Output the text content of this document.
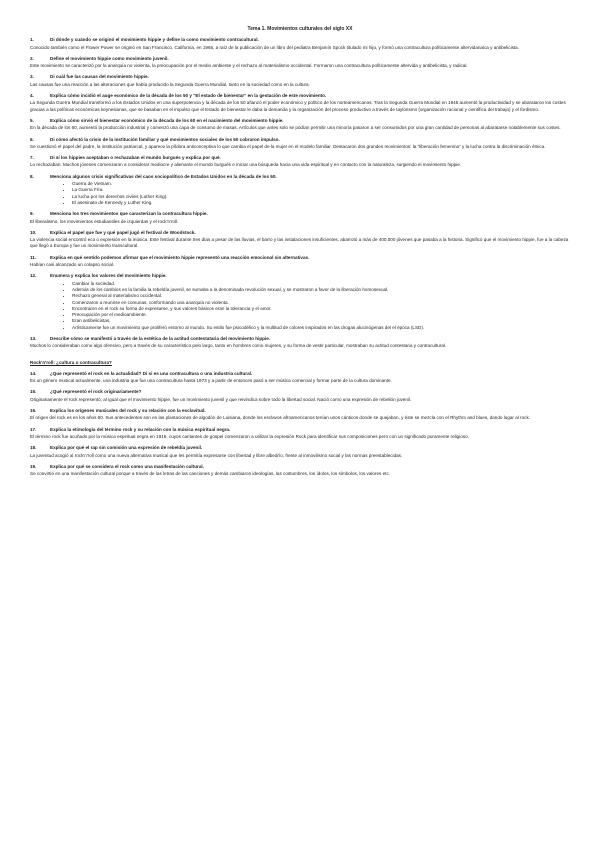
Tema 1. Movimientos culturales del siglo XX
1.	Di dónde y cuándo se originó el movimiento hippie y define la como movimiento contracultural.
Conocido también como el Flower Power se originó en San Francisco, California, en 1965, a raíz de la publicación de un libro del pediatra Benjamín Spock titulado mi hijo, y formó una contracultura políticamente altervidanaica y antibelicista.
2.	Define el movimiento hippie como movimiento juvenil.
Este movimiento se caracterizó por la anarquía no violenta, la preocupación por el medio ambiente y el rechazo al materialismo occidental. Formaron una contracultura políticamente altervida y antibelicista, y radical.
3.	Di cuál fue las causas del movimiento hippie.
Las causas fue una reacción a las alteraciones que había producido la Segunda Guerra Mundial, tanto en la sociedad como en la cultura.
4.	Explica cómo incidió el auge económico de la década de los 50 y "El estado de bienestar" en la gestación de este movimiento.
La Segunda Guerra Mundial transformó a los Estados Unidos en una superpotencia y la década de los 50 afianzó el poder económico y político de los norteamericanos. Tras la Segunda Guerra Mundial en 1945 aumentó la productividad y se abarataron los costes gracias a las políticas económicas keynesianas, que se basaban en el impulso que el Estado de bienestar le daba la demanda y la organización del proceso productivo a través de taylorismo (organización racional y científica del trabajo) y el fordismo.
5.	Explica cómo sirvió el bienestar económico de la década de los 60 en el nacimiento del movimiento hippie.
En la década de los 60, aumentó la producción industrial y comenzó una capa de consumo de masas. Artículos que antes solo se podían permitir una minoría pasaron a ser consumidos por una gran cantidad de personas al abaratarse notablemente sus costes.
6.	Di cómo afectó la crisis de la institución familiar y qué movimientos sociales de los 60 cobraron impulso.
Se cuestionó el papel del padre, la institución patriarcal, y aparece la píldora anticonceptiva lo que cambia el papel de la mujer en el modelo familiar. Destacaron dos grandes movimientos: la "liberación femenina" y la lucha contra la discriminación étnica.
7.	Di si los hippies aceptaban o rechazaban el mundo burgués y explica por qué.
Lo rechazaban. Muchos jóvenes comenzaron a considerar mediocre y alienante el mundo burgués e iniciar una búsqueda hacia una vida espiritual y en contacto con la naturaleza, surgiendo el movimiento hippie.
8.	Menciona algunos crisis significativas del caos sociopolítico de Estados Unidos en la década de los 60.
• Guerra de Vietnam.
• La Guerra Fría.
• La lucha por los derechos civiles (Luther King).
• El asesinato de Kennedy y Luther King.
9.	Menciona los tres movimientos que caracterizan la contracultura hippie.
El liberalismo, los movimientos estudiantiles de izquierdas y el rock'n'roll.
10.	Explica el papel que fue y qué papel jugó el festival de Woodstock.
La violencia social encontró eco o expresión en la música. Este festival durante tres días a pesar de las lluvias, el barro y las instalaciones insuficientes, abarrotó a más de 400.000 jóvenes que pasaba a la historia. Significó que el movimiento hippie, fue a la cabeza que llegó a Europa y fue un movimiento transcultural.
11.	Explica en qué sentido podemos afirmar que el movimiento hippie representó una reacción emocional sin alternativas.
Habían casi alcanzado un colapso social.
12.	Enumera y explica los valores del movimiento hippie.
• Cambiar la sociedad.
• Además de los cambios en la familia la rebeldía juvenil, se sumaba a la denominada revolución sexual, y se mostraron a favor de la liberación homosexual.
• Rechazo general al materialismo occidental.
• Comenzaron a reunirse en comunas, conformando una anarquía no violenta.
• Encontraron en el rock su forma de expresarse, y sus valores básicos eran la tolerancia y el amor.
• Preocupación por el medioambiente.
• Eran antibelicistas.
• Artísticamente fue un movimiento que proliferó entorno al mundo. Su estilo fue psicodélico y la multitud de colores inspirados en las drogas alucinógenas del el época (LSD).
13.	Describe cómo se manifestó a través de la estética de la actitud contestataria del movimiento hippie.
Muchos lo consideraban como algo ofensivo, pero a través de su característico pelo largo, tanto en hombres como mujeres, y su forma de vestir particular, mostraban su actitud contestaria y contracultural.
Rock'n'roll: ¿cultura o contracultura?
14.	¿Que representó el rock en la actualidad? Di si es una contracultura o una industria cultural.
Es un género musical actualmente, una industria que fue una contracultura hasta 1973 y a partir de entonces pasó a ser música comercial y formar parte de la cultura dominante.
15.	¿Qué representó el rock originariamente?
Originariamente el rock representó, al igual que el movimiento hippie, fue un movimiento juvenil y que reivindica sobre todo la libertad social. Nació como una expresión de rebelión juvenil.
16.	Explica los orígenes musicales del rock y su relación con la esclavitud.
El origen del rock es en los años 60. Sus antecedentes son en las plantaciones de algodón de Luisiana, donde los esclavos afroamericanos tenían unos cánticos donde se quejaban, y éste se mezcla con el Rhythm and blues, dando lugar al rock.
17.	Explica la etimología del término rock y su relación con la música espiritual negra.
El término rock fue acuñado por la música espiritual negra en 1916, cuyos cantantes de gospel comenzaron a utilizar la expresión Rock para identificar sus composiciones pero con un significado puramente religioso.
18.	Explica por qué el rap sin comisión una expresión de rebeldía juvenil.
La juventud acogió al rock'n'roll como una nueva alternativa musical que les permitía expresarse con libertad y libre albedrío, frente al inmovilismo social y las normas preestablecidas.
19.	Explica por qué se considera el rock como una manifestación cultural.
Se convirtió en una manifestación cultural porque a través de las letras de las canciones y demás cambiaron ideologías, las costumbres, los ídolos, los símbolos, los valores etc.
